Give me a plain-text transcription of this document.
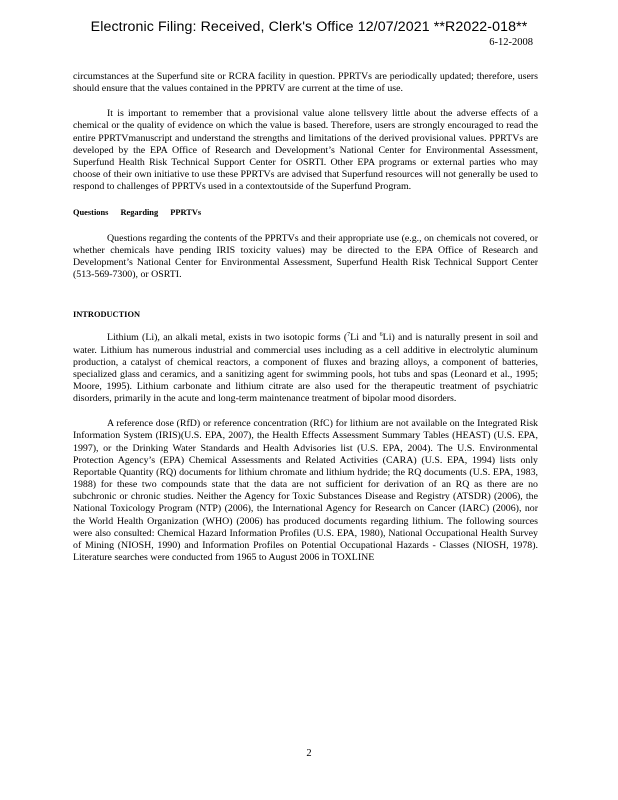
Electronic Filing: Received, Clerk's Office 12/07/2021 **R2022-018**
6-12-2008

circumstances at the Superfund site or RCRA facility in question. PPRTVs are periodically updated; therefore, users should ensure that the values contained in the PPRTV are current at the time of use.

It is important to remember that a provisional value alone tellsvery little about the adverse effects of a chemical or the quality of evidence on which the value is based. Therefore, users are strongly encouraged to read the entire PPRTVmanuscript and understand the strengths and limitations of the derived provisional values. PPRTVs are developed by the EPA Office of Research and Development’s National Center for Environmental Assessment, Superfund Health Risk Technical Support Center for OSRTI. Other EPA programs or external parties who may choose of their own initiative to use these PPRTVs are advised that Superfund resources will not generally be used to respond to challenges of PPRTVs used in a contextoutside of the Superfund Program.

Questions Regarding PPRTVs

Questions regarding the contents of the PPRTVs and their appropriate use (e.g., on chemicals not covered, or whether chemicals have pending IRIS toxicity values) may be directed to the EPA Office of Research and Development’s National Center for Environmental Assessment, Superfund Health Risk Technical Support Center (513-569-7300), or OSRTI.

INTRODUCTION

Lithium (Li), an alkali metal, exists in two isotopic forms ($^7$Li and $^6$Li) and is naturally present in soil and water. Lithium has numerous industrial and commercial uses including as a cell additive in electrolytic aluminum production, a catalyst of chemical reactors, a component of fluxes and brazing alloys, a component of batteries, specialized glass and ceramics, and a sanitizing agent for swimming pools, hot tubs and spas (Leonard et al., 1995; Moore, 1995). Lithium carbonate and lithium citrate are also used for the therapeutic treatment of psychiatric disorders, primarily in the acute and long-term maintenance treatment of bipolar mood disorders.

A reference dose (RfD) or reference concentration (RfC) for lithium are not available on the Integrated Risk Information System (IRIS)(U.S. EPA, 2007), the Health Effects Assessment Summary Tables (HEAST) (U.S. EPA, 1997), or the Drinking Water Standards and Health Advisories list (U.S. EPA, 2004). The U.S. Environmental Protection Agency’s (EPA) Chemical Assessments and Related Activities (CARA) (U.S. EPA, 1994) lists only Reportable Quantity (RQ) documents for lithium chromate and lithium hydride; the RQ documents (U.S. EPA, 1983, 1988) for these two compounds state that the data are not sufficient for derivation of an RQ as there are no subchronic or chronic studies. Neither the Agency for Toxic Substances Disease and Registry (ATSDR) (2006), the National Toxicology Program (NTP) (2006), the International Agency for Research on Cancer (IARC) (2006), nor the World Health Organization (WHO) (2006) has produced documents regarding lithium. The following sources were also consulted: Chemical Hazard Information Profiles (U.S. EPA, 1980), National Occupational Health Survey of Mining (NIOSH, 1990) and Information Profiles on Potential Occupational Hazards - Classes (NIOSH, 1978). Literature searches were conducted from 1965 to August 2006 in TOXLINE

2
